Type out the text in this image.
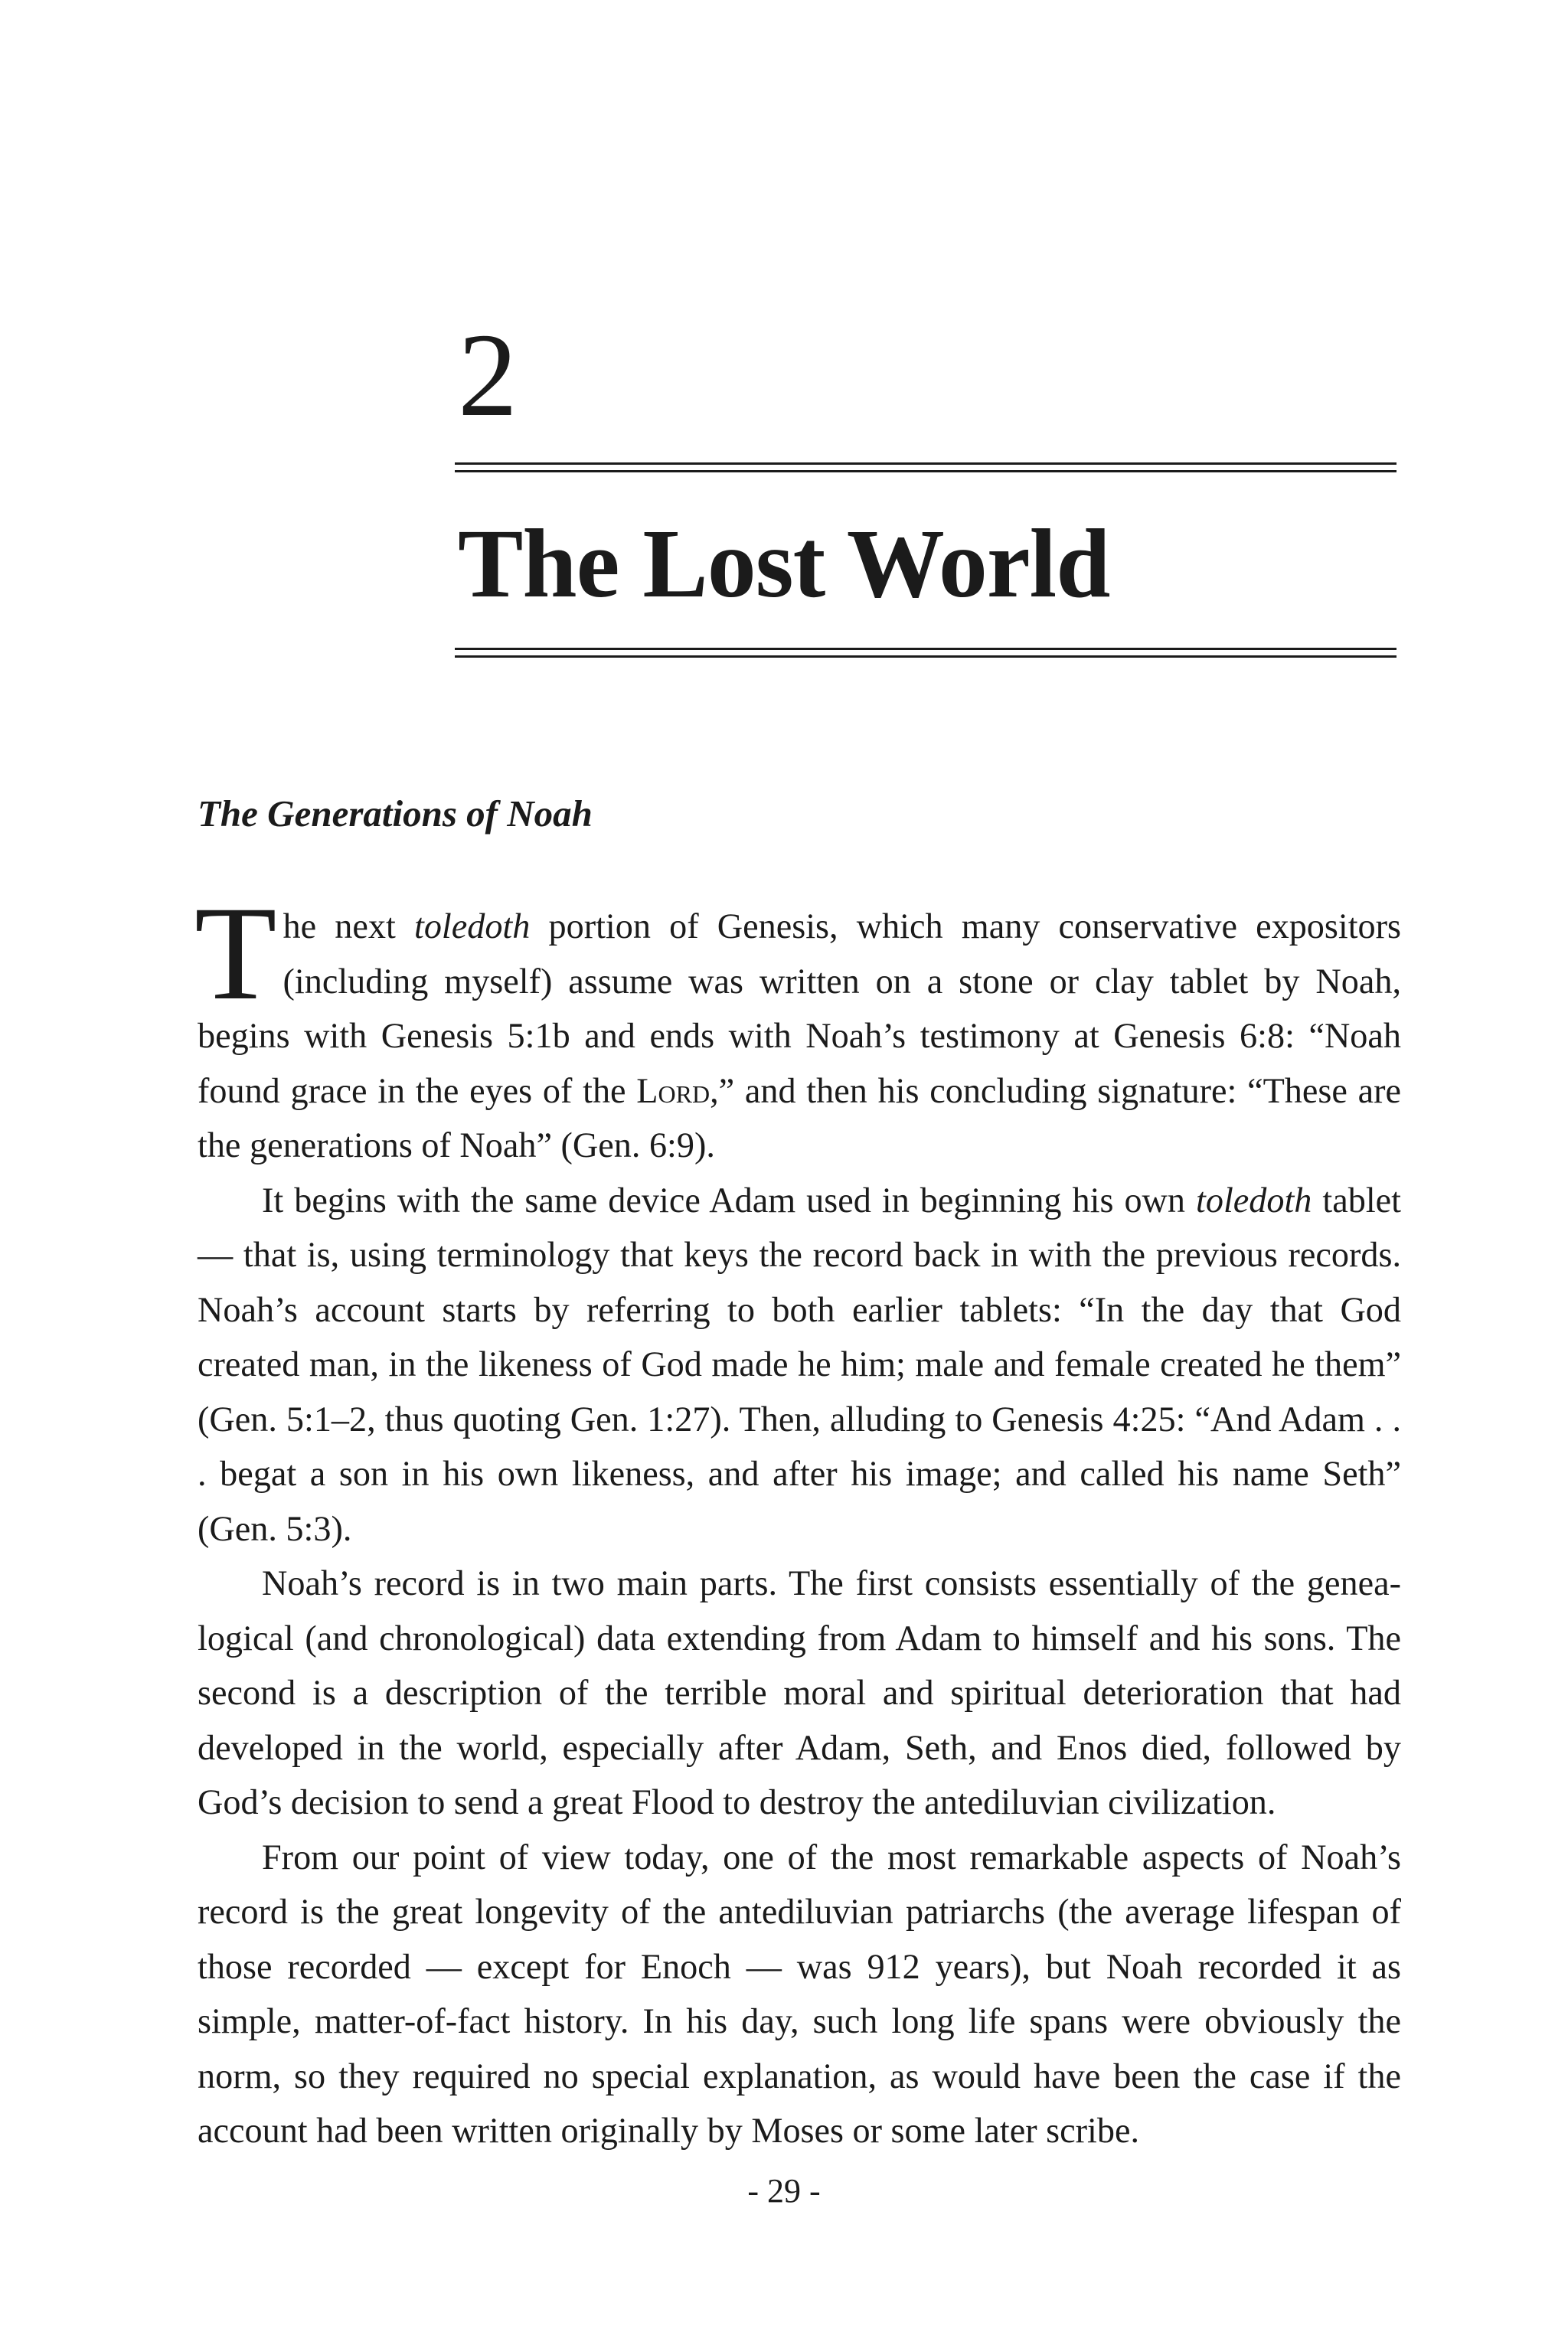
2
The Lost World
The Generations of Noah

The next toledoth portion of Genesis, which many conservative expositors (including myself) assume was written on a stone or clay tablet by Noah, begins with Genesis 5:1b and ends with Noah’s testimony at Genesis 6:8: “Noah found grace in the eyes of the Lord,” and then his concluding signature: “These are the generations of Noah” (Gen. 6:9).

It begins with the same device Adam used in beginning his own toledoth tablet — that is, using terminology that keys the record back in with the previous records. Noah’s account starts by referring to both earlier tablets: “In the day that God created man, in the likeness of God made he him; male and female created he them” (Gen. 5:1–2, thus quoting Gen. 1:27). Then, alluding to Genesis 4:25: “And Adam . . . begat a son in his own likeness, and after his image; and called his name Seth” (Gen. 5:3).

Noah’s record is in two main parts. The first consists essentially of the genealogical (and chronological) data extending from Adam to himself and his sons. The second is a description of the terrible moral and spiritual deterioration that had developed in the world, especially after Adam, Seth, and Enos died, followed by God’s decision to send a great Flood to destroy the antediluvian civilization.

From our point of view today, one of the most remarkable aspects of Noah’s record is the great longevity of the antediluvian patriarchs (the average lifespan of those recorded — except for Enoch — was 912 years), but Noah recorded it as simple, matter-of-fact history. In his day, such long life spans were obviously the norm, so they required no special explanation, as would have been the case if the account had been written originally by Moses or some later scribe.

- 29 -
